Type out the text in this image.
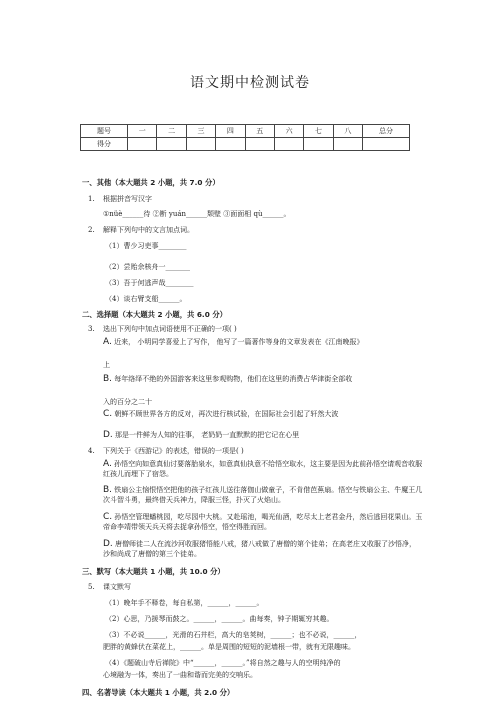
语文期中检测试卷
题号	一	二	三	四	五	六	七	八	总分
得分									
一、其他（本大题共 2 小题，共 7.0 分）
1. 根据拼音写汉字
①nüè______待 ②断 yuán______颓壁 ③面面相 qù______。
2. 解释下列句中的文言加点词。
（1）曹少习吏事________
（2）尝贻余核舟一_______
（3）吾于何逃声哉________
（4）谈右臂支船______。
二、选择题（本大题共 2 小题，共 6.0 分）
3. 选出下列句中加点词语使用不正确的一项( )
A. 近来， 小明同学喜爱上了写作， 他写了一篇著作等身的文章发表在《江南晚报》
上
B. 每年络绎不绝的外国游客来这里参观购物，他们在这里的消费占华津街全部收
入的百分之二十
C. 朝鲜不顾世界各方的反对，再次进行核试验，在国际社会引起了轩然大波
D. 那是一件鲜为人知的往事， 老奶奶一直默默的把它记在心里
4. 下列关于《西游记》的表述，错误的一项是( )
A. 孙悟空向如意真仙讨要落胎泉水，如意真仙执意不给悟空取水，这主要是因为此前孙悟空请观音收服红孩儿而埋下了宿怨。
B. 铁扇公主恼恨悟空把他的孩子红孩儿送往落伽山做童子，不肯借芭蕉扇。悟空与铁扇公主、牛魔王几次斗智斗勇，最终借天兵神力，降服三怪，扑灭了火焰山。
C. 孙悟空管理蟠桃园，吃尽园中大桃。又赴瑶池，喝光仙酒，吃尽太上老君金丹，然后逃回花果山。玉帝命李靖带领天兵天将去捉拿孙悟空，悟空得胜而回。
D. 唐僧师徒二人在流沙河收服猪悟能八戒，猪八戒做了唐僧的第个徒弟；在高老庄又收服了沙悟净，沙和尚成了唐僧的第三个徒弟。
三、默写（本大题共 1 小题，共 10.0 分）
5. 课文默写
（1）晚年手不释卷，每自私第，______，______。
（2）心思，乃援琴而鼓之。______，______。曲每奏，钟子期辄穷其趣。
（3）不必说______，光滑的石井栏，高大的皂荚树，______；也不必说，______，
肥胖的黄蜂伏在菜花上，______。单是周围的短短的泥墙根一带，就有无限趣味。
（4）《题破山寺后禅院》中“______，______。”将自然之趣与人的空明纯净的
心境融为一体，奏出了一曲和谐而完美的交响乐。
四、名著导读（本大题共 1 小题，共 2.0 分）
